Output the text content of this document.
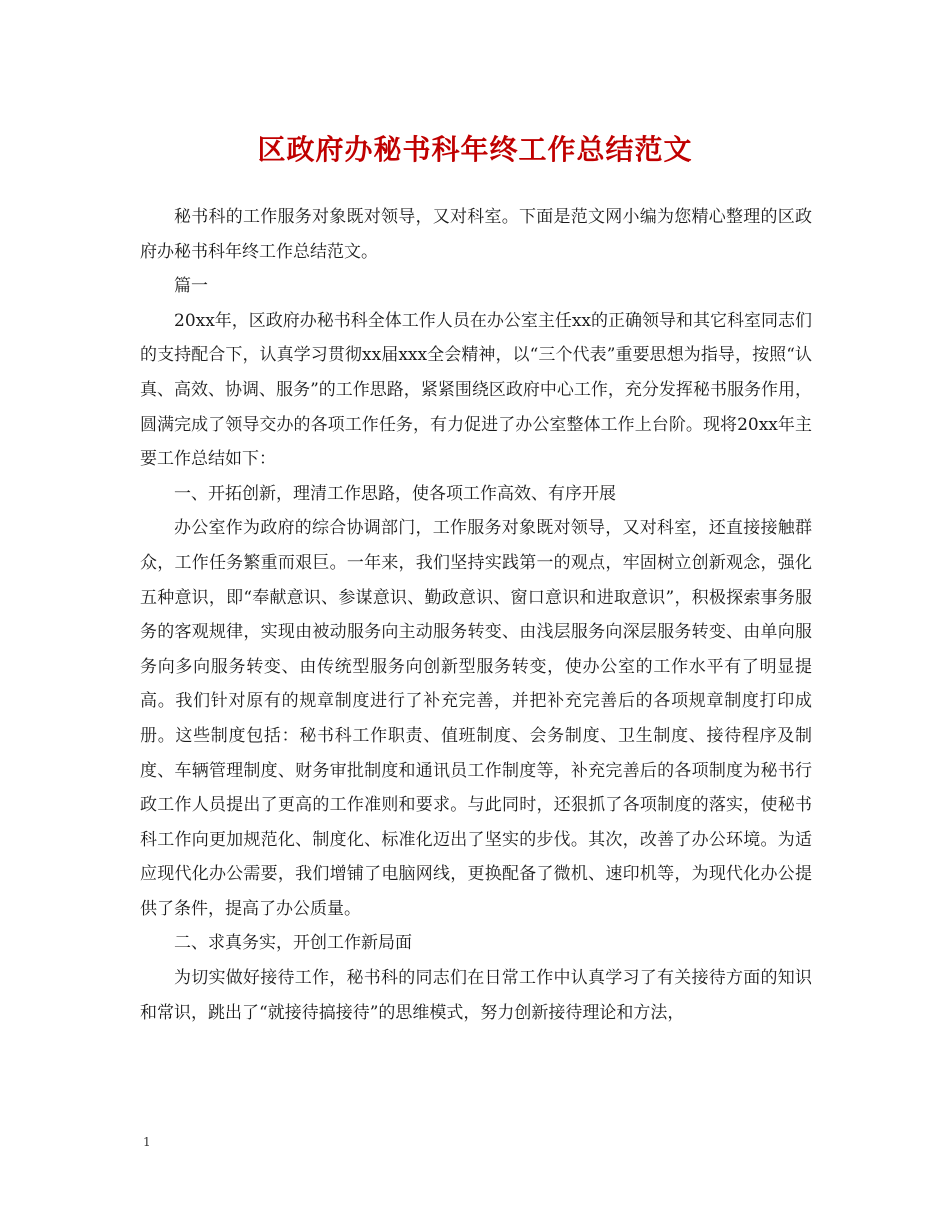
区政府办秘书科年终工作总结范文

秘书科的工作服务对象既对领导，又对科室。下面是范文网小编为您精心整理的区政府办秘书科年终工作总结范文。

篇一

20xx年，区政府办秘书科全体工作人员在办公室主任xx的正确领导和其它科室同志们的支持配合下，认真学习贯彻xx届xxx全会精神，以“三个代表”重要思想为指导，按照“认真、高效、协调、服务”的工作思路，紧紧围绕区政府中心工作，充分发挥秘书服务作用，圆满完成了领导交办的各项工作任务，有力促进了办公室整体工作上台阶。现将20xx年主要工作总结如下：

一、开拓创新，理清工作思路，使各项工作高效、有序开展

办公室作为政府的综合协调部门，工作服务对象既对领导，又对科室，还直接接触群众，工作任务繁重而艰巨。一年来，我们坚持实践第一的观点，牢固树立创新观念，强化五种意识，即“奉献意识、参谋意识、勤政意识、窗口意识和进取意识”，积极探索事务服务的客观规律，实现由被动服务向主动服务转变、由浅层服务向深层服务转变、由单向服务向多向服务转变、由传统型服务向创新型服务转变，使办公室的工作水平有了明显提高。我们针对原有的规章制度进行了补充完善，并把补充完善后的各项规章制度打印成册。这些制度包括：秘书科工作职责、值班制度、会务制度、卫生制度、接待程序及制度、车辆管理制度、财务审批制度和通讯员工作制度等，补充完善后的各项制度为秘书行政工作人员提出了更高的工作准则和要求。与此同时，还狠抓了各项制度的落实，使秘书科工作向更加规范化、制度化、标准化迈出了坚实的步伐。其次，改善了办公环境。为适应现代化办公需要，我们增铺了电脑网线，更换配备了微机、速印机等，为现代化办公提供了条件，提高了办公质量。

二、求真务实，开创工作新局面

为切实做好接待工作，秘书科的同志们在日常工作中认真学习了有关接待方面的知识和常识，跳出了“就接待搞接待”的思维模式，努力创新接待理论和方法，

1
